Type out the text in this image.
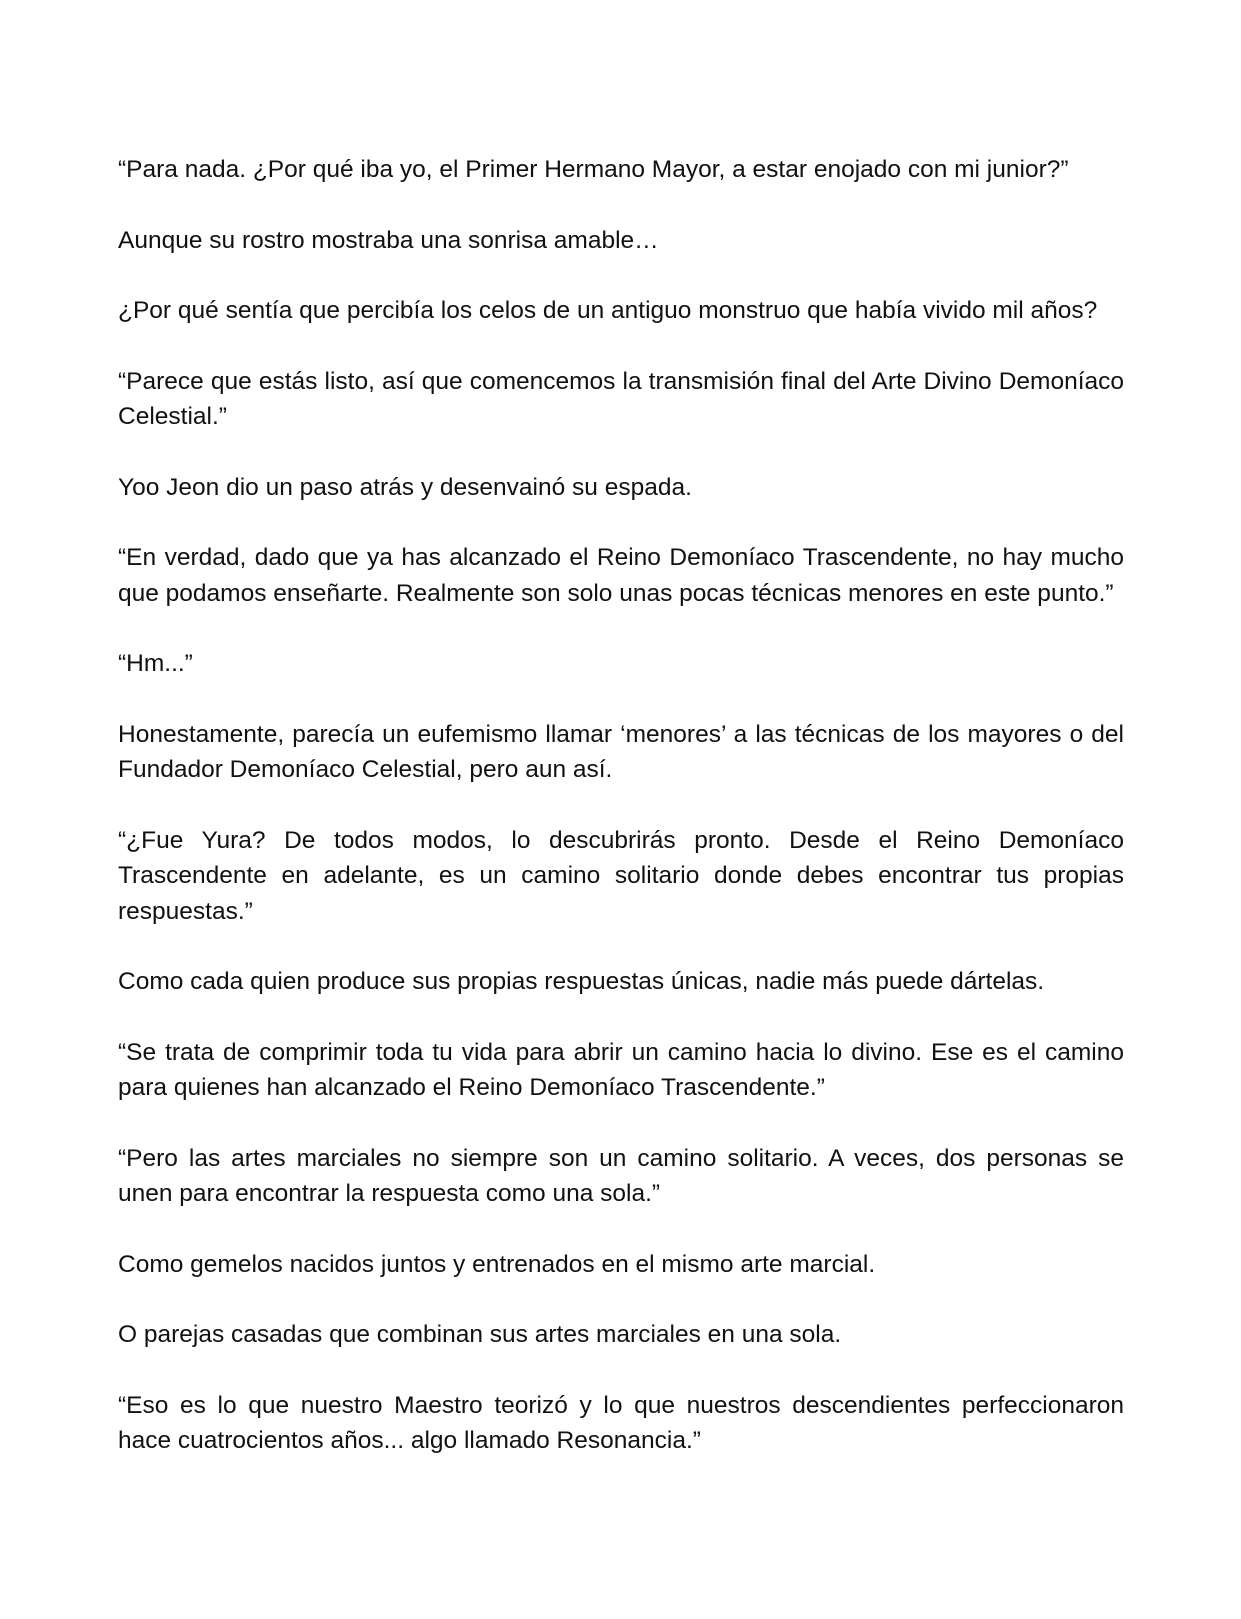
“Para nada. ¿Por qué iba yo, el Primer Hermano Mayor, a estar enojado con mi junior?”

Aunque su rostro mostraba una sonrisa amable…

¿Por qué sentía que percibía los celos de un antiguo monstruo que había vivido mil años?

“Parece que estás listo, así que comencemos la transmisión final del Arte Divino Demoníaco Celestial.”

Yoo Jeon dio un paso atrás y desenvainó su espada.

“En verdad, dado que ya has alcanzado el Reino Demoníaco Trascendente, no hay mucho que podamos enseñarte. Realmente son solo unas pocas técnicas menores en este punto.”

“Hm...”

Honestamente, parecía un eufemismo llamar ‘menores’ a las técnicas de los mayores o del Fundador Demoníaco Celestial, pero aun así.

“¿Fue Yura? De todos modos, lo descubrirás pronto. Desde el Reino Demoníaco Trascendente en adelante, es un camino solitario donde debes encontrar tus propias respuestas.”

Como cada quien produce sus propias respuestas únicas, nadie más puede dártelas.

“Se trata de comprimir toda tu vida para abrir un camino hacia lo divino. Ese es el camino para quienes han alcanzado el Reino Demoníaco Trascendente.”

“Pero las artes marciales no siempre son un camino solitario. A veces, dos personas se unen para encontrar la respuesta como una sola.”

Como gemelos nacidos juntos y entrenados en el mismo arte marcial.

O parejas casadas que combinan sus artes marciales en una sola.

“Eso es lo que nuestro Maestro teorizó y lo que nuestros descendientes perfeccionaron hace cuatrocientos años... algo llamado Resonancia.”
